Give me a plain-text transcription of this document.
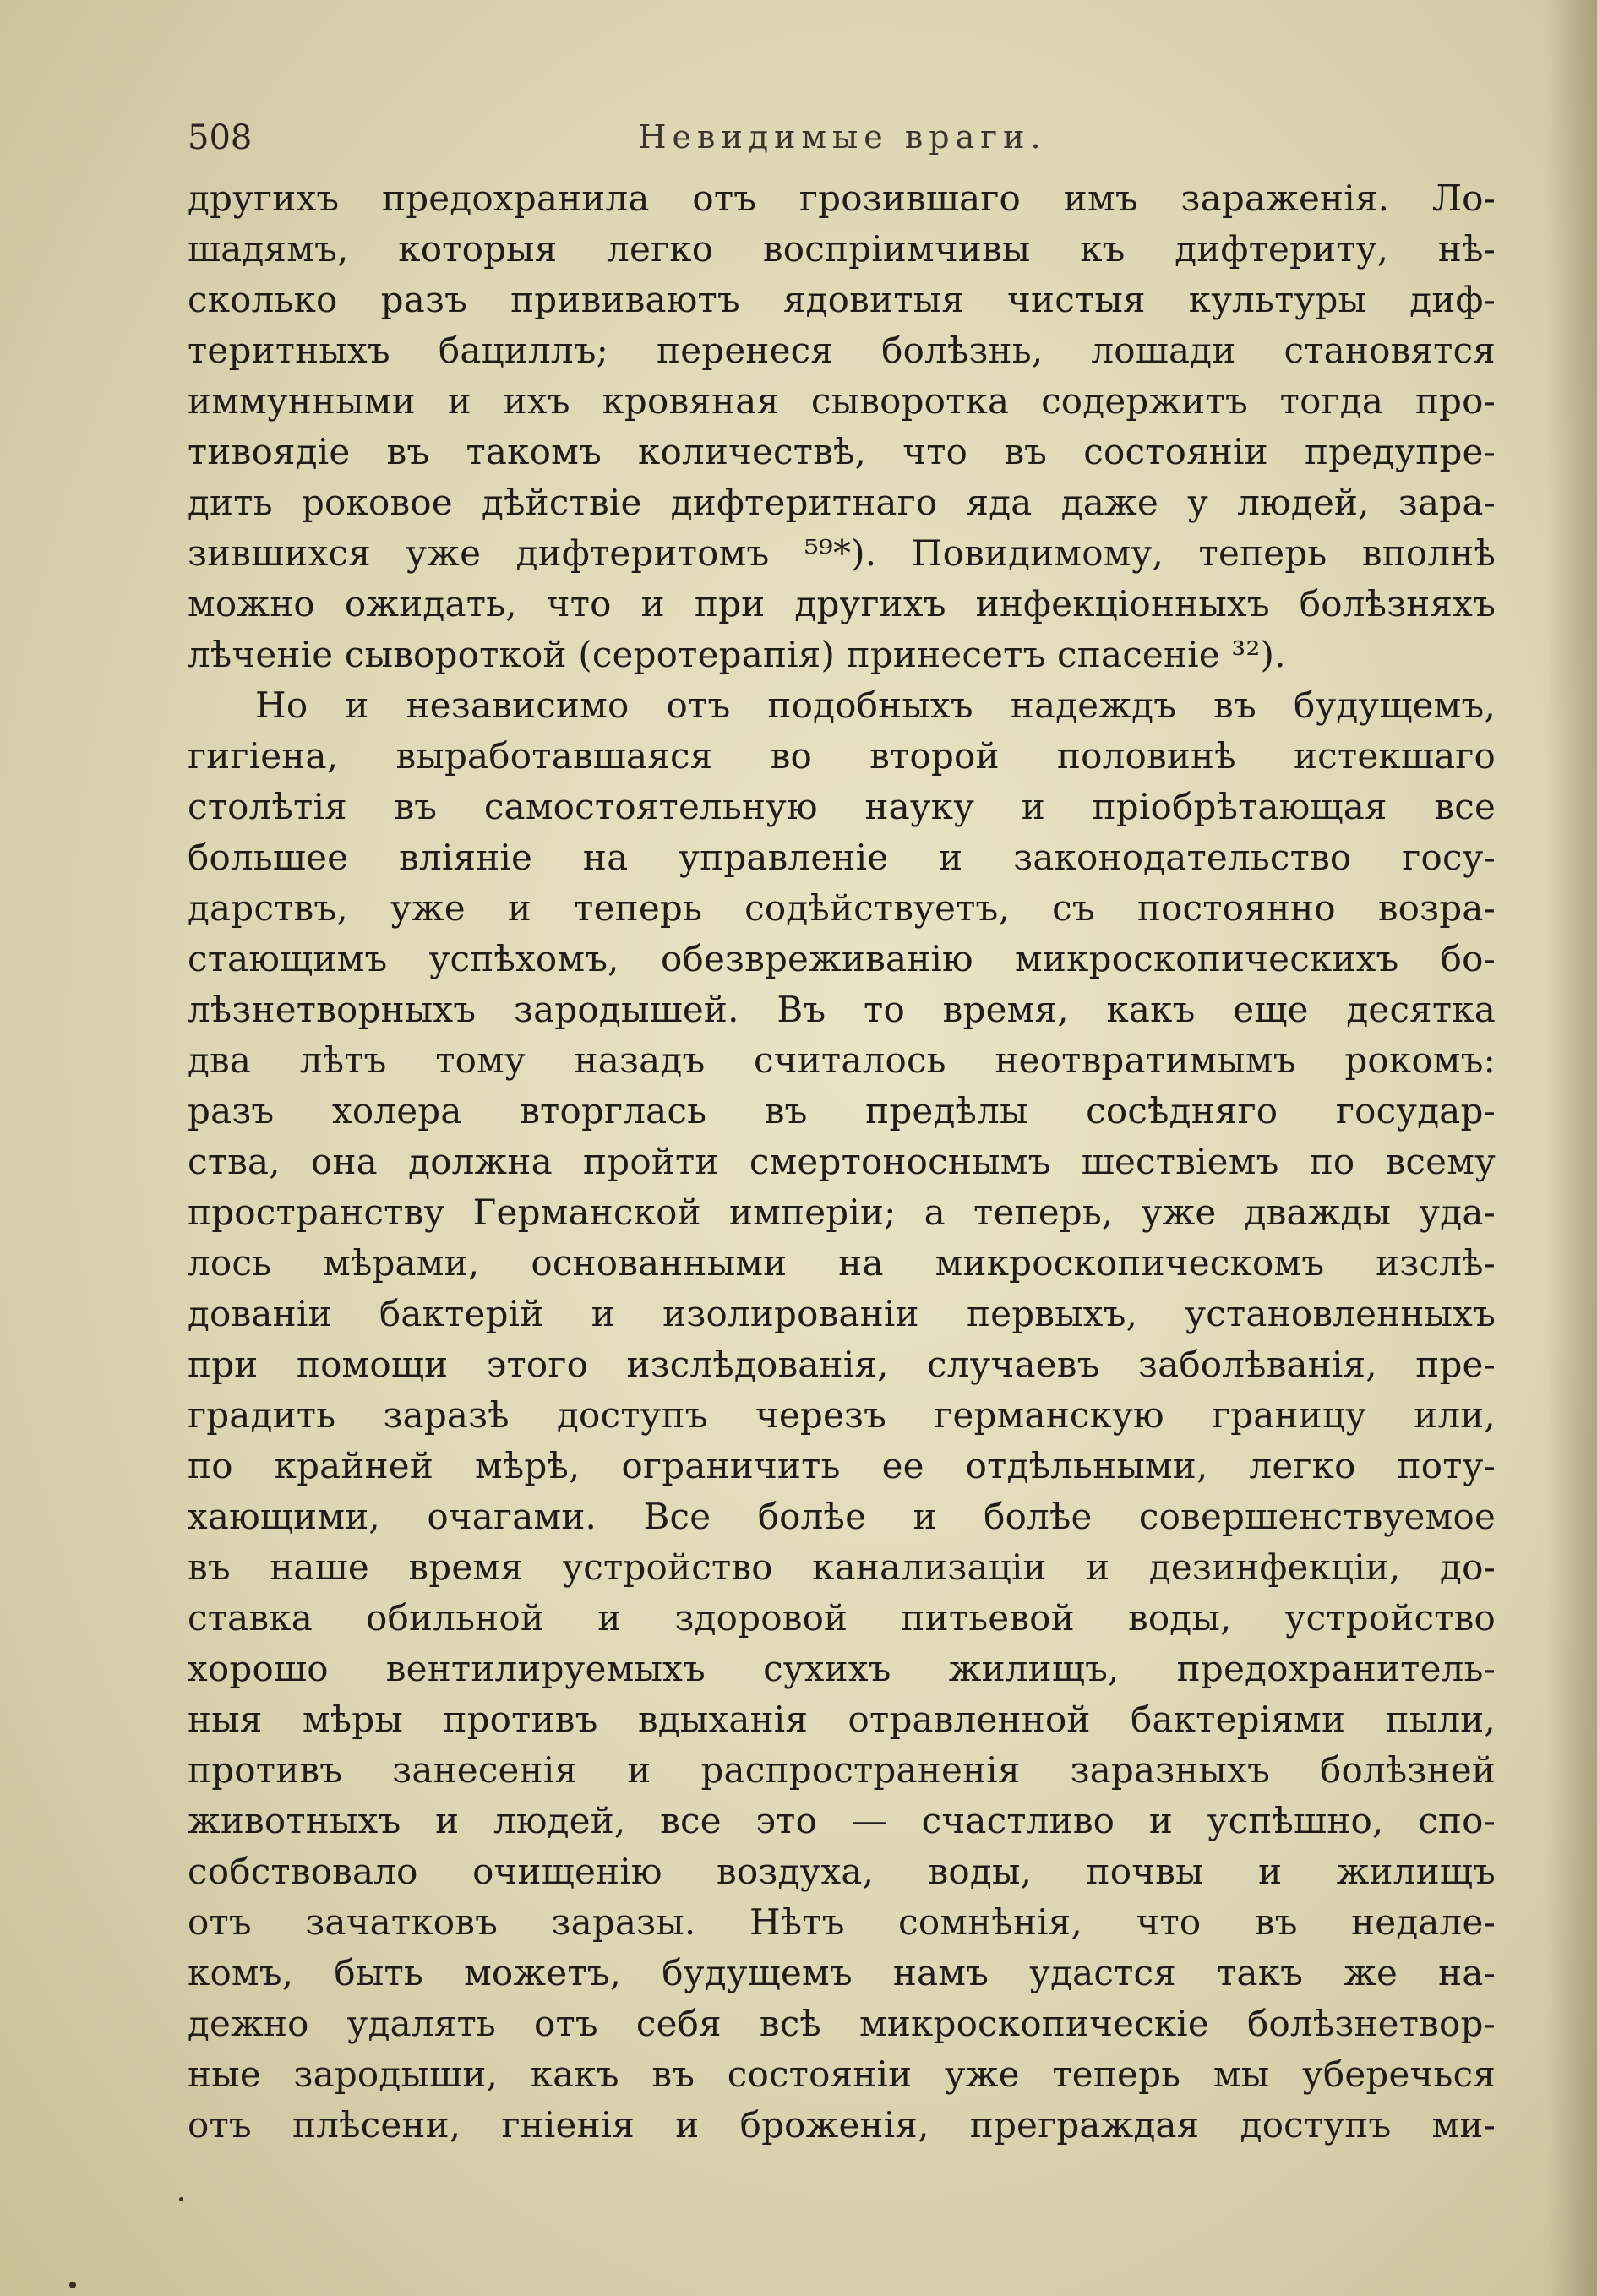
508	Невидимые враги.
другихъ предохранила отъ грозившаго имъ зараженія. Ло-
шадямъ, которыя легко воспріимчивы къ дифтериту, нѣ-
сколько разъ прививаютъ ядовитыя чистыя культуры диф-
теритныхъ бациллъ; перенеся болѣзнь, лошади становятся
иммунными и ихъ кровяная сыворотка содержитъ тогда про-
тивоядіе въ такомъ количествѣ, что въ состояніи предупре-
дить роковое дѣйствіе дифтеритнаго яда даже у людей, зара-
зившихся уже дифтеритомъ ⁵⁹*). Повидимому, теперь вполнѣ
можно ожидать, что и при другихъ инфекціонныхъ болѣзняхъ
лѣченіе сывороткой (серотерапія) принесетъ спасеніе ³²).
Но и независимо отъ подобныхъ надеждъ въ будущемъ,
гигіена, выработавшаяся во второй половинѣ истекшаго
столѣтія въ самостоятельную науку и пріобрѣтающая все
большее вліяніе на управленіе и законодательство госу-
дарствъ, уже и теперь содѣйствуетъ, съ постоянно возра-
стающимъ успѣхомъ, обезвреживанію микроскопическихъ бо-
лѣзнетворныхъ зародышей. Въ то время, какъ еще десятка
два лѣтъ тому назадъ считалось неотвратимымъ рокомъ:
разъ холера вторглась въ предѣлы сосѣдняго государ-
ства, она должна пройти смертоноснымъ шествіемъ по всему
пространству Германской имперіи; а теперь, уже дважды уда-
лось мѣрами, основанными на микроскопическомъ изслѣ-
дованіи бактерій и изолированіи первыхъ, установленныхъ
при помощи этого изслѣдованія, случаевъ заболѣванія, пре-
градить заразѣ доступъ черезъ германскую границу или,
по крайней мѣрѣ, ограничить ее отдѣльными, легко поту-
хающими, очагами. Все болѣе и болѣе совершенствуемое
въ наше время устройство канализаціи и дезинфекціи, до-
ставка обильной и здоровой питьевой воды, устройство
хорошо вентилируемыхъ сухихъ жилищъ, предохранитель-
ныя мѣры противъ вдыханія отравленной бактеріями пыли,
противъ занесенія и распространенія заразныхъ болѣзней
животныхъ и людей, все это — счастливо и успѣшно, спо-
собствовало очищенію воздуха, воды, почвы и жилищъ
отъ зачатковъ заразы. Нѣтъ сомнѣнія, что въ недале-
комъ, быть можетъ, будущемъ намъ удастся такъ же на-
дежно удалять отъ себя всѣ микроскопическіе болѣзнетвор-
ные зародыши, какъ въ состояніи уже теперь мы уберечься
отъ плѣсени, гніенія и броженія, преграждая доступъ ми-
